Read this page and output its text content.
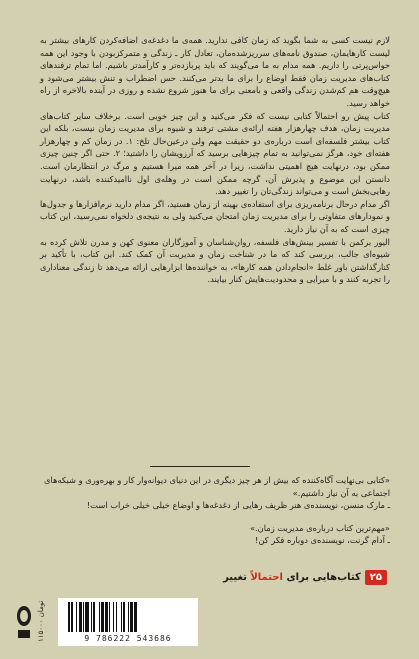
لازم نیست کسی به شما بگوید که زمان کافی ندارید. همه‌ی ما دغدغه‌ی اضافه‌کردن کارهای بیشتر به لیست کارهایمان، صندوق نامه‌های سرریزشده‌مان، تعادل کار ـ زندگی و متمرکزبودن با وجود این همه حواس‌پرتی را داریم. همه مدام به ما می‌گویند که باید پربازده‌تر و کارآمدتر باشیم. اما تمام ترفندهای کتاب‌های مدیریت زمان فقط اوضاع را برای ما بدتر می‌کنند. حس اضطراب و تنش بیشتر می‌شود و هیچ‌وقت هم کم‌شدن زندگی واقعی و بامعنی برای ما هنوز شروع نشده و روزی در آینده بالاخره از راه خواهد رسید.

کتاب پیش رو احتمالاً کتابی نیست که فکر می‌کنید و این چیز خوبی است. برخلاف سایر کتاب‌های مدیریت زمان، هدف چهارهزار هفته ارائه‌ی مشتی ترفند و شیوه برای مدیریت زمان نیست، بلکه این کتاب بیشتر فلسفه‌ای است درباره‌ی دو حقیقت مهم ولی درعین‌حال تلخ: ۱. در زمان کم و چهارهزار هفته‌ای خود، هرگز نمی‌توانید به تمام چیزهایی برسید که آرزویشان را داشتید؛ ۲. حتی اگر چنین چیزی ممکن بود، درنهایت هیچ اهمیتی نداشت، زیرا در آخر همه میرا هستیم و مرگ در انتظارمان است. دانستن این موضوع و پذیرش آن، گرچه ممکن است در وهله‌ی اول ناامیدکننده باشد، درنهایت رهایی‌بخش است و می‌تواند زندگی‌تان را تغییر دهد.

اگر مدام درحال برنامه‌ریزی برای استفاده‌ی بهینه از زمان هستید، اگر مدام دارید نرم‌افزارها و جدول‌ها و نمودارهای متفاوتی را برای مدیریت زمان امتحان می‌کنید ولی به نتیجه‌ی دلخواه نمی‌رسید، این کتاب چیزی است که به آن نیاز دارید.

الیور برکمن با تفسیر بینش‌های فلسفه، روان‌شناسان و آموزگاران معنوی کهن و مدرن تلاش کرده به شیوه‌ای جالب، بررسی کند که ما در شناخت زمان و مدیریت آن کمک کند. این کتاب، با تأکید بر کنارگذاشتن باور غلط «انجام‌دادن همه کارها»، به خواننده‌ها ابزارهایی ارائه می‌دهد تا زندگی معناداری را تجربه کنند و با میرایی و محدودیت‌هایش کنار بیایند.

«کتابی بی‌نهایت آگاه‌کننده که بیش از هر چیز دیگری در این دنیای دیوانه‌وار کار و بهره‌وری و شبکه‌های اجتماعی به آن نیاز داشتیم.»
ـ مارک منسن، نویسنده‌ی هنر ظریف رهایی از دغدغه‌ها و اوضاع خیلی خیلی خراب است!
«مهم‌ترین کتاب درباره‌ی مدیریت زمان.»
ـ آدام گرنت، نویسنده‌ی دوباره فکر کن!
۲۵
کتاب‌هایی برای احتمالاً تغییر
۱۱۵۰۰۰ تومان
9 786222 543686
